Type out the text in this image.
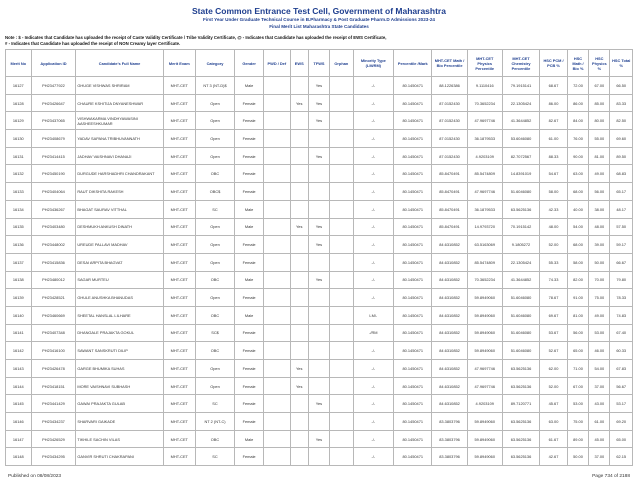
State Common Entrance Test Cell, Government of Maharashtra
First Year Under Graduate Technical Course in B.Pharmacy & Post Graduate Pharm.D Admissions 2023-24
Final Merit List Maharashtra State Candidates
Note : $ - Indicates that Candidate has uploaded the receipt of Caste Validity Certificate / Tribe Validity Certificate, @ - Indicates that Candidate has uploaded the receipt of EWS Certificate,
# - Indicates that Candidate has uploaded the receipt of NON Creamy layer Certificate.
Merit No	Application ID	Candidate's Full Name	Merit Exam	Category	Gender	PWD / Def	EWS	TFWS	Orphan	Minority Type (LM/RM)	Percentile /Mark	MHT-CET Math / Bio Percentile	MHT-CET Physics Percentile	MHT-CET Chemistry Percentile	HSC PCM / PCB %	HSC Math / Bio %	HSC Physics %	HSC Total %
16127	PH23477922	GHUGE VISHWAS SHRIRAM	MHT-CET	NT 3 (NT-D)$	Male			Yes		-/-	80.1450471	88.1226386	9.1110416	79.1915141	68.67	72.00	67.00	66.50
16128	PH23426647	CHAURE KSHITIJA DNYANESHWAR	MHT-CET	Open	Female		Yes	Yes		-/-	80.1450471	87.0152430	70.3652234	22.1305424	86.00	86.00	85.00	83.33
16129	PH23437065	VISHWAKARMA VINDHYAWASINI AASHEESHKUMAR	MHT-CET	Open	Female			Yes		-/-	80.1450471	87.0152430	47.9697746	41.3644852	82.67	84.00	80.00	82.50
16130	PH23408679	YADAV SAPANA TRIBHUVANNATH	MHT-CET	Open	Female					-/-	80.1450471	87.0152430	36.1879533	53.6046080	61.00	76.00	55.00	69.60
16131	PH23414415	JADHAV VAISHNAVI DHANAJI	MHT-CET	Open	Female			Yes		-/-	80.1450471	87.0152430	4.9203109	82.7072567	88.33	90.00	81.00	89.50
16132	PH23450190	DURGUDE HARSHADHRI CHANDRAKANT	MHT-CET	OBC	Female					-/-	80.1450471	85.8470491	85.5474809	14.8391019	54.67	63.00	49.00	68.83
16133	PH23404064	RAUT DIKSHITA RAKESH	MHT-CET	OBC$	Female					-/-	80.1450471	85.8470491	47.9697746	51.6046080	58.00	68.00	56.00	65.17
16134	PH23436267	BHAGAT SAURAV VITTHAL	MHT-CET	SC	Male					-/-	80.1450471	85.8470491	36.1879533	63.5625136	42.33	40.00	38.00	48.17
16135	PH23403480	DESHMUKH ANKUSH DINATH	MHT-CET	Open	Male		Yes	Yes		-/-	80.1450471	85.8470491	14.9793720	70.1915142	48.00	54.00	48.00	57.50
16136	PH23448002	UREUDE PALLAVI MADHAV	MHT-CET	Open	Female			Yes		-/-	80.1450471	84.6310852	63.5163069	9.1805272	52.00	68.00	39.00	59.17
16137	PH23415836	DESAI ARPITA BHAGVAT	MHT-CET	Open	Female					-/-	80.1450471	84.6310852	85.5474809	22.1305424	55.33	58.00	50.00	66.67
16138	PH23480012	SAGAR MURTEU	MHT-CET	OBC	Male			Yes		-/-	80.1450471	84.6310852	70.3652234	41.3644852	74.33	82.00	70.00	79.80
16139	PH23428521	GHULE ANUSHKA BHANUDAS	MHT-CET	Open	Female					-/-	80.1450471	84.6310852	59.8949060	51.6046080	78.67	91.00	75.00	78.33
16140	PH23460669	SHEETAL HANSLAL LILHARE	MHT-CET	OBC	Male					LM/-	80.1450471	84.6310852	59.8949060	51.6046080	69.67	81.00	49.00	74.83
16141	PH23407348	DHANGALE PRAJAKTA GOKUL	MHT-CET	SC$	Female					-/RM	80.1450471	84.6310852	59.8949060	51.6046080	53.67	56.00	53.00	67.40
16142	PH23416100	SAWANT SANSKRUTI DILIP	MHT-CET	OBC	Female					-/-	80.1450471	84.6310852	59.8949060	51.6046080	52.67	65.00	46.00	60.33
16143	PH23426478	GARGE BHUMIKA SUHAS	MHT-CET	Open	Female		Yes			-/-	80.1450471	84.6310852	47.9697746	63.5625136	62.00	71.00	54.00	67.83
16144	PH23418151	MORE VAISHNAVI SUBHASH	MHT-CET	Open	Female		Yes			-/-	80.1450471	84.6310852	47.9697746	63.5625136	52.00	67.00	37.00	56.67
16145	PH23441429	GAWAI PRAJAKTA GULAB	MHT-CET	SC	Female			Yes		-/-	80.1450471	84.6310852	4.9203109	89.7120771	45.67	53.00	43.00	53.17
16146	PH23434237	SHARVARI GAIKADE	MHT-CET	NT 2 (NT-C)	Female					-/-	80.1450471	83.3803796	59.8949060	63.5625136	63.00	75.00	61.00	69.20
16147	PH23426529	TIKHILE SACHIN VILAS	MHT-CET	OBC	Male			Yes		-/-	80.1450471	83.3803796	59.8949060	63.5625136	61.67	89.00	45.00	65.00
16148	PH23434295	GANVIR SHRUTI CHAKRAPANI	MHT-CET	SC	Female					-/-	80.1450471	83.3803796	59.8949060	63.5625136	42.67	50.00	37.00	62.15
Published on 08/08/2023	Page 734 of 2188
